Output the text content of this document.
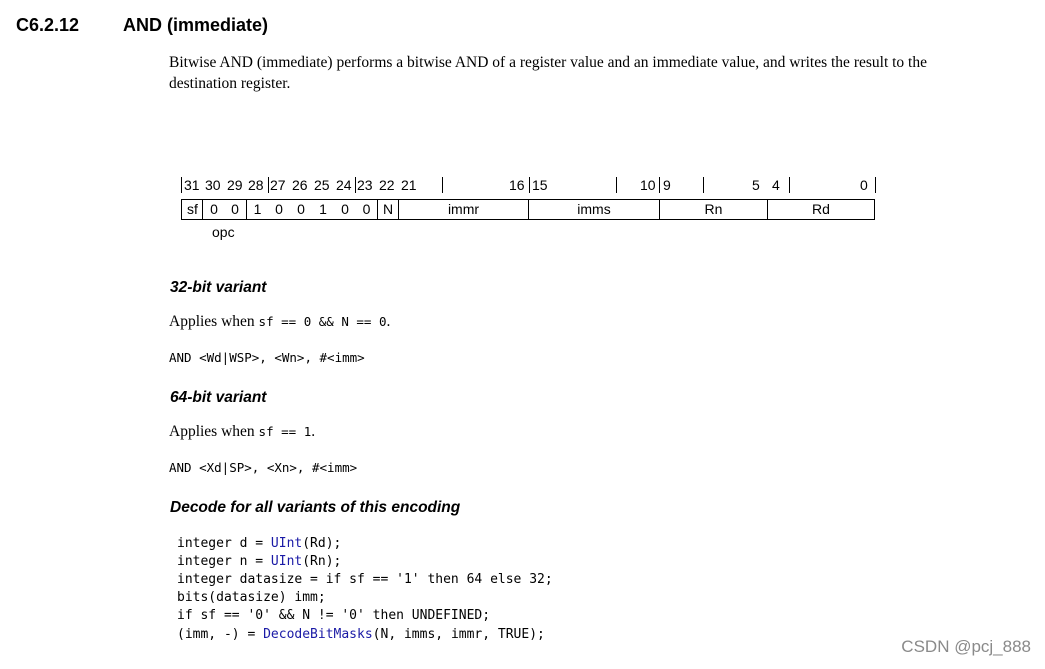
C6.2.12 AND (immediate)
Bitwise AND (immediate) performs a bitwise AND of a register value and an immediate value, and writes the result to the destination register.
31 30 29 28 27 26 25 24 23 22 21	16 15	10 9	5 4	0
sf 0 0	1 0	0	1	0 0 N	immr	imms	Rn	Rd
opc
32-bit variant
Applies when sf == 0 && N == 0.
AND <Wd|WSP>, <Wn>, #<imm>
64-bit variant
Applies when sf == 1.
AND <Xd|SP>, <Xn>, #<imm>
Decode for all variants of this encoding
integer d = UInt(Rd);
integer n = UInt(Rn);
integer datasize = if sf == '1' then 64 else 32;
bits(datasize) imm;
if sf == '0' && N != '0' then UNDEFINED;
(imm, -) = DecodeBitMasks(N, imms, immr, TRUE);
CSDN @pcj_888
